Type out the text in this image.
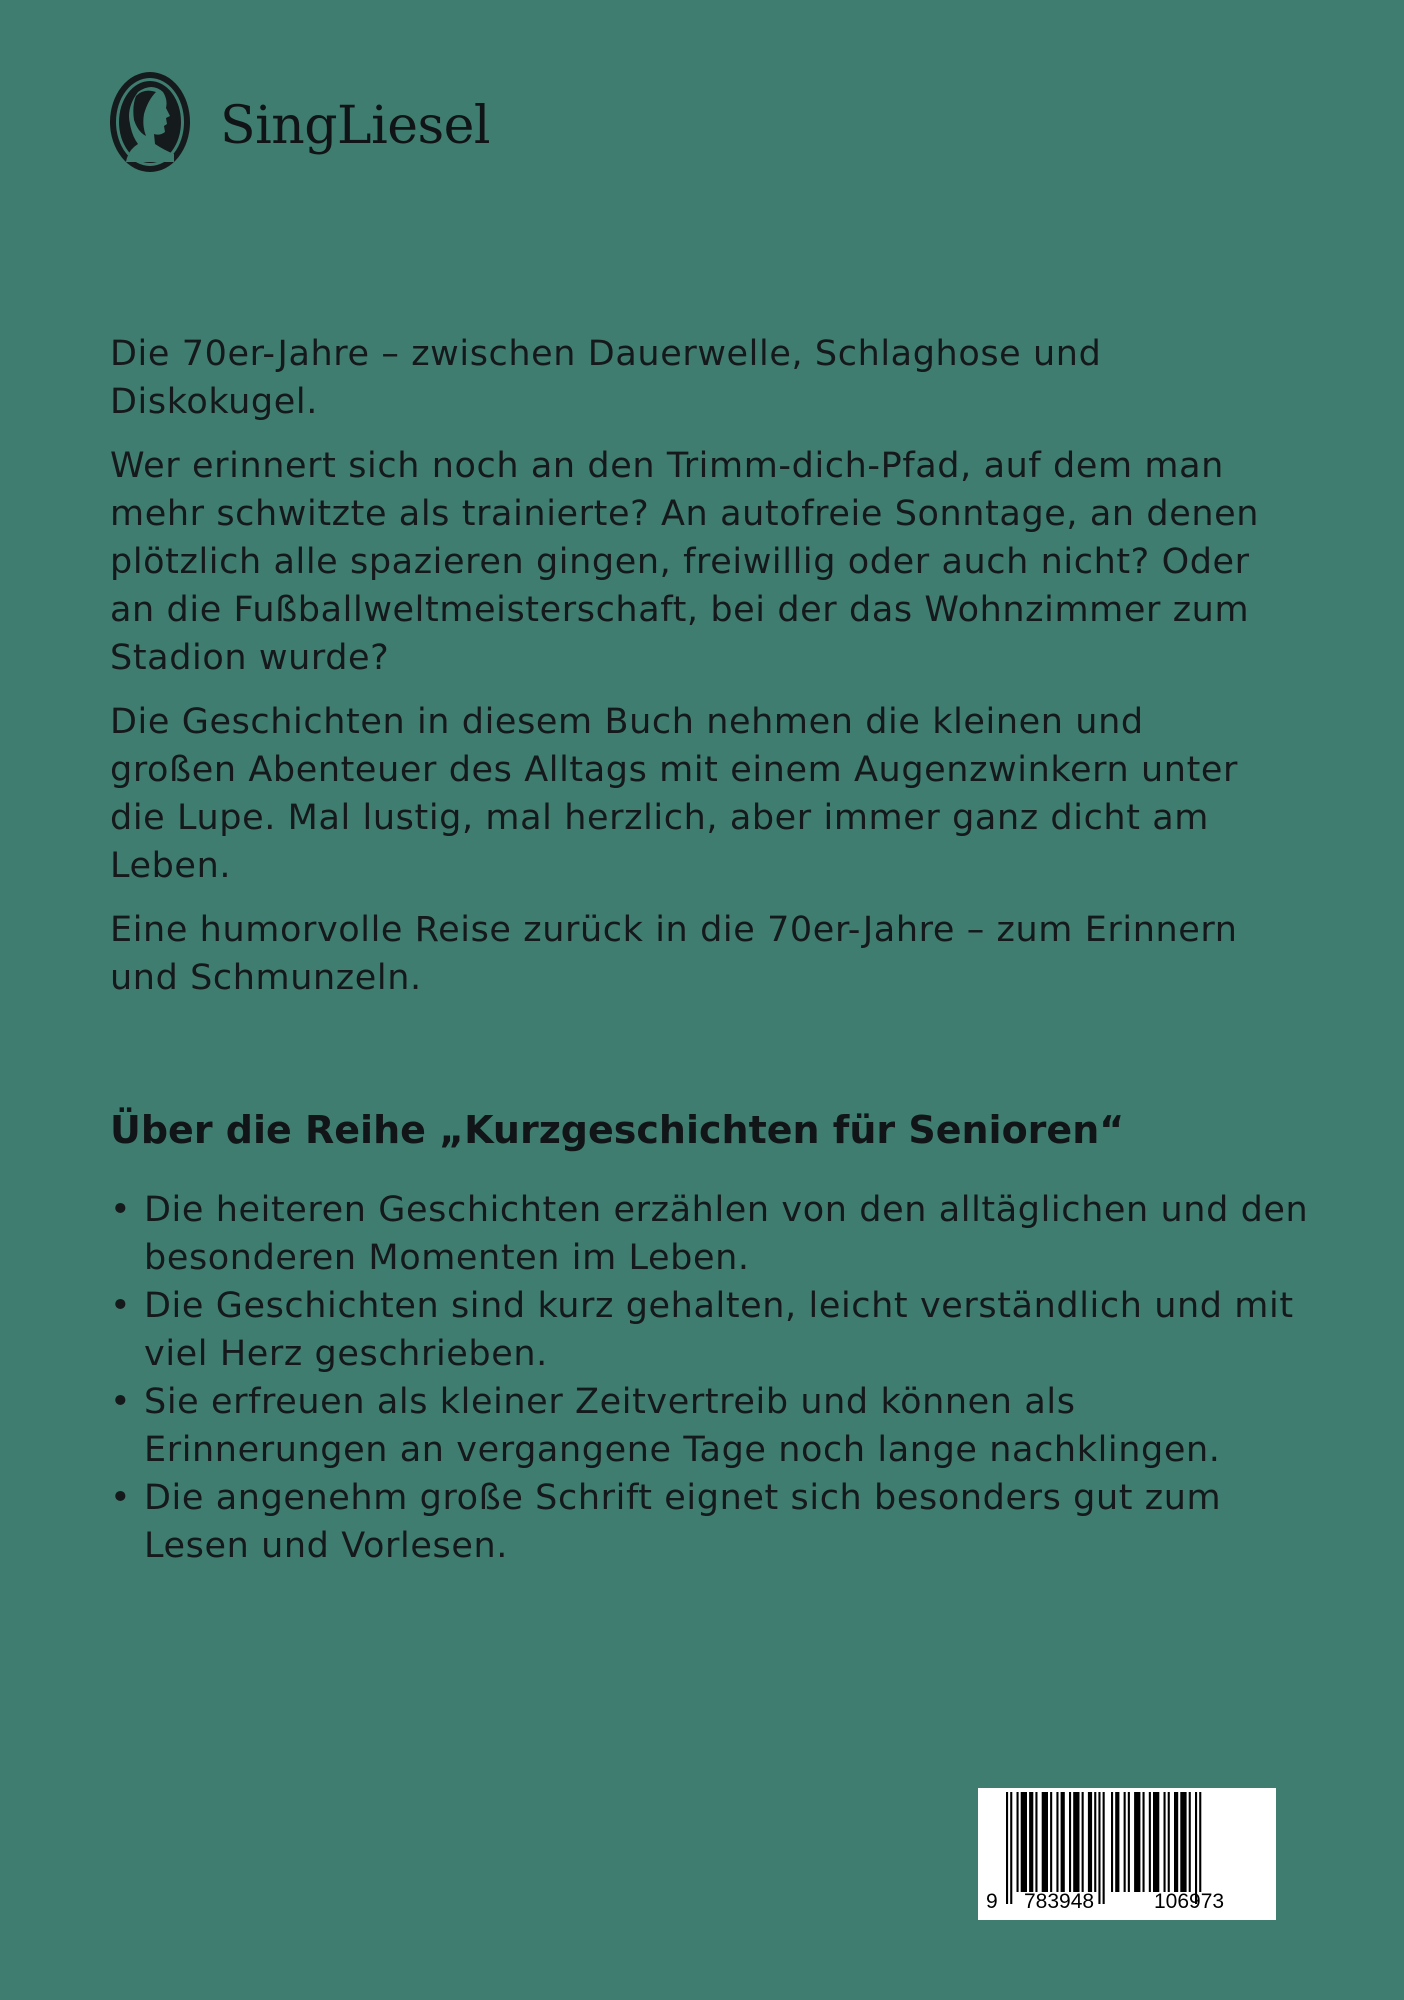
SingLiesel

Die 70er-Jahre – zwischen Dauerwelle, Schlaghose und Diskokugel.

Wer erinnert sich noch an den Trimm-dich-Pfad, auf dem man mehr schwitzte als trainierte? An autofreie Sonntage, an denen plötzlich alle spazieren gingen, freiwillig oder auch nicht? Oder an die Fußballweltmeisterschaft, bei der das Wohnzimmer zum Stadion wurde?

Die Geschichten in diesem Buch nehmen die kleinen und großen Abenteuer des Alltags mit einem Augenzwinkern unter die Lupe. Mal lustig, mal herzlich, aber immer ganz dicht am Leben.

Eine humorvolle Reise zurück in die 70er-Jahre – zum Erinnern und Schmunzeln.

Über die Reihe „Kurzgeschichten für Senioren“
• Die heiteren Geschichten erzählen von den alltäglichen und den besonderen Momenten im Leben.
• Die Geschichten sind kurz gehalten, leicht verständlich und mit viel Herz geschrieben.
• Sie erfreuen als kleiner Zeitvertreib und können als Erinnerungen an vergangene Tage noch lange nachklingen.
• Die angenehm große Schrift eignet sich besonders gut zum Lesen und Vorlesen.
9 783948	106973
